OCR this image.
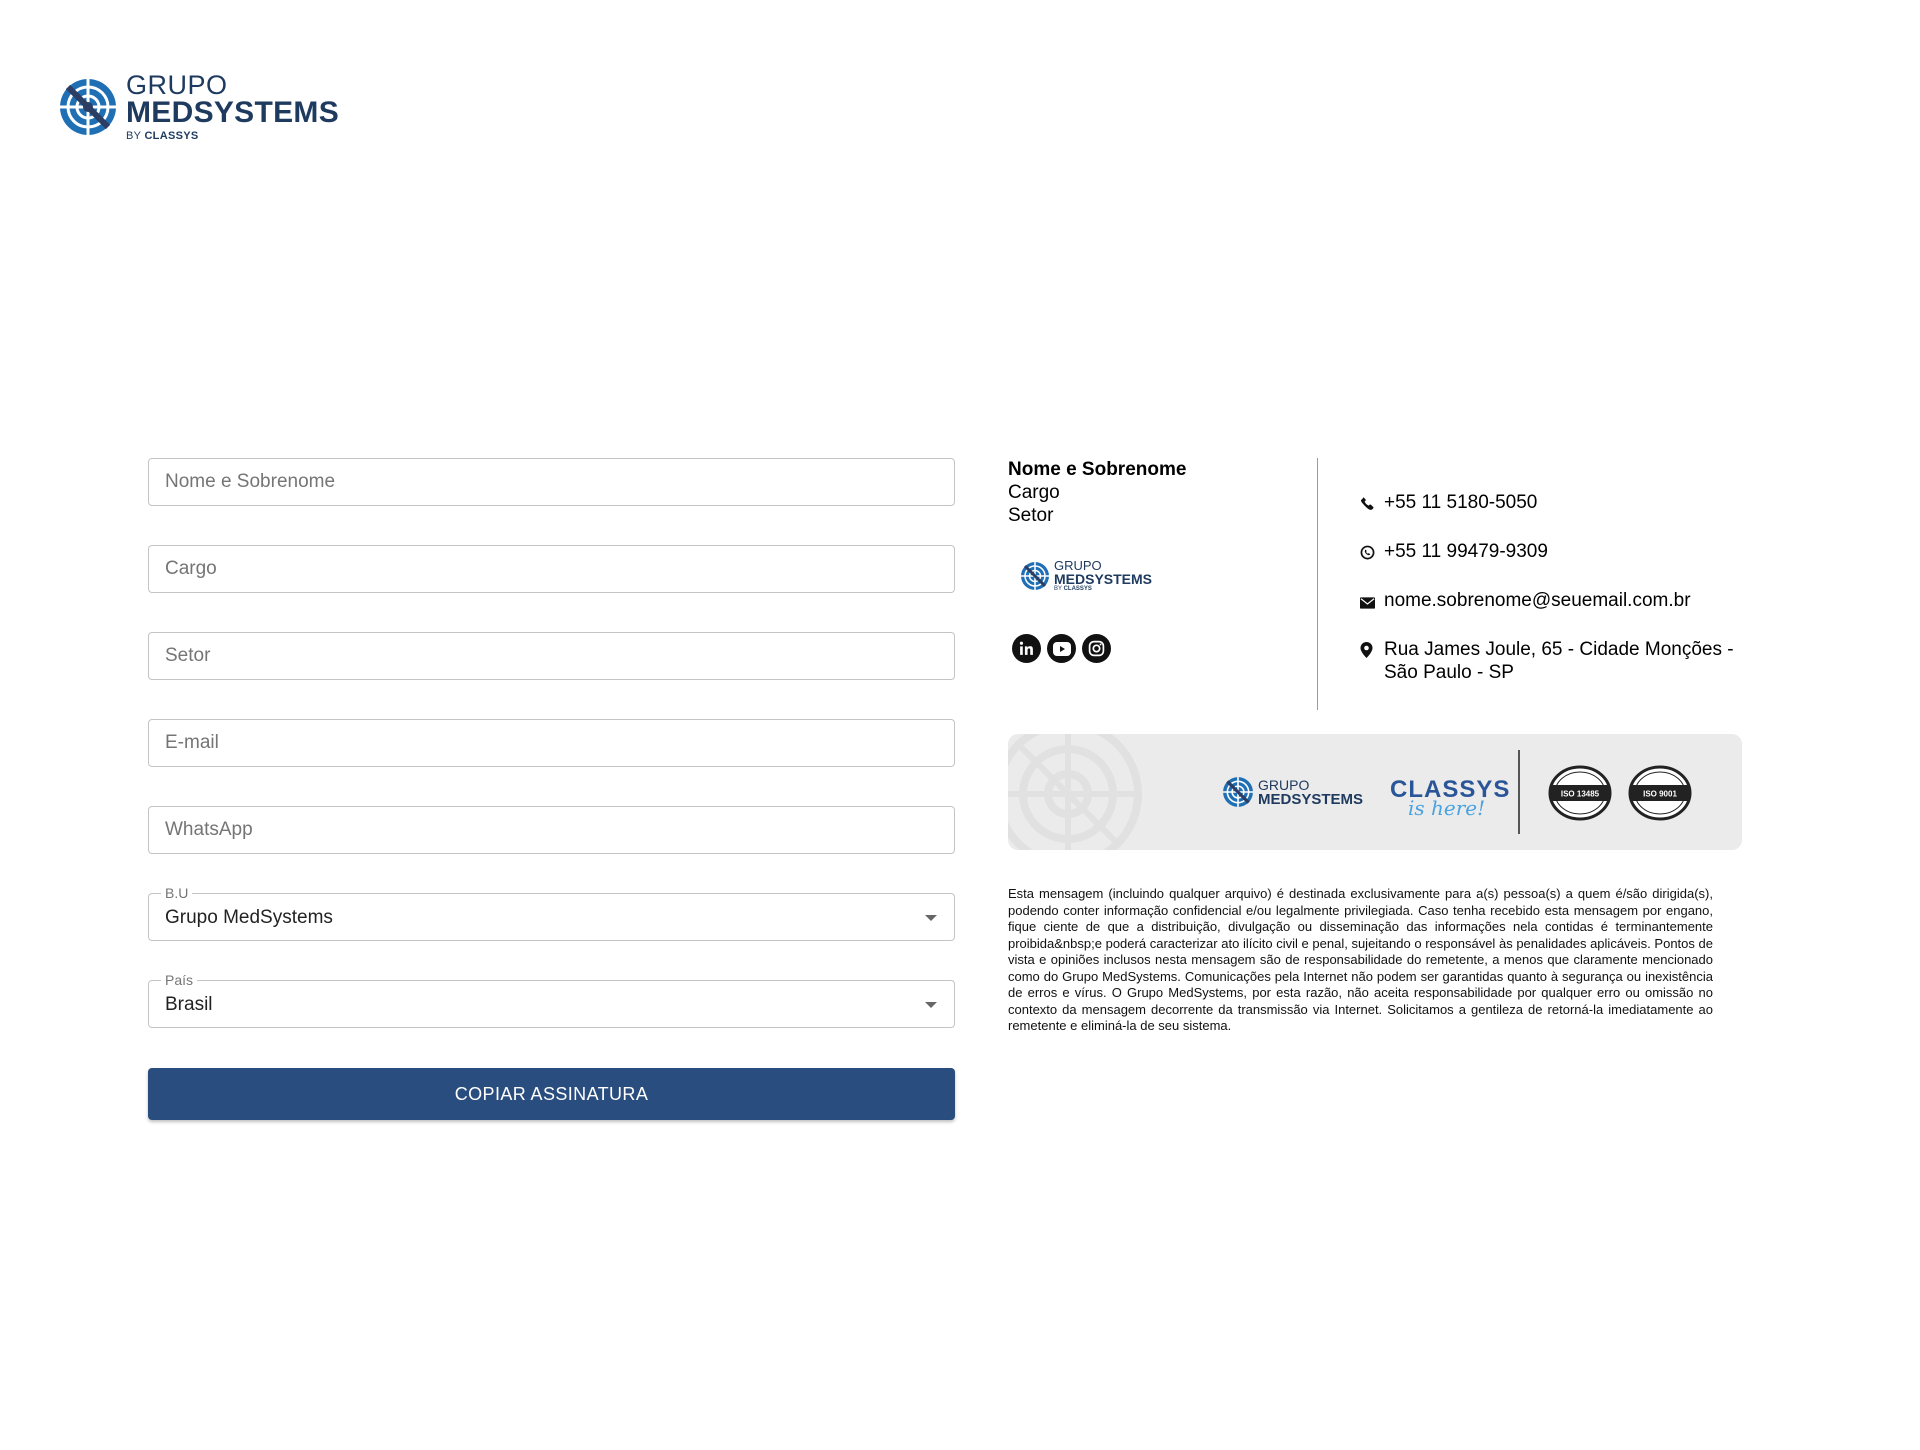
GRUPO
MEDSYSTEMS
BY CLASSYS
Nome e Sobrenome
Cargo
Setor
E-mail
WhatsApp
B.U
Grupo MedSystems
País
Brasil
COPIAR ASSINATURA
Nome e Sobrenome
Cargo
Setor
GRUPO
MEDSYSTEMS
BY CLASSYS
+55 11 5180-5050
+55 11 99479-9309
nome.sobrenome@seuemail.com.br
Rua James Joule, 65 - Cidade Monções - São Paulo - SP
GRUPO
MEDSYSTEMS CLASSYS
is here!
ISO 13485	ISO 9001
Esta mensagem (incluindo qualquer arquivo) é destinada exclusivamente para a(s) pessoa(s) a quem é/são dirigida(s), podendo conter informação confidencial e/ou legalmente privilegiada. Caso tenha recebido esta mensagem por engano, fique ciente de que a distribuição, divulgação ou disseminação das informações nela contidas é terminantemente proibida&nbsp;e poderá caracterizar ato ilícito civil e penal, sujeitando o responsável às penalidades aplicáveis. Pontos de vista e opiniões inclusos nesta mensagem são de responsabilidade do remetente, a menos que claramente mencionado como do Grupo MedSystems. Comunicações pela Internet não podem ser garantidas quanto à segurança ou inexistência de erros e vírus. O Grupo MedSystems, por esta razão, não aceita responsabilidade por qualquer erro ou omissão no contexto da mensagem decorrente da transmissão via Internet. Solicitamos a gentileza de retorná-la imediatamente ao remetente e eliminá-la de seu sistema.
